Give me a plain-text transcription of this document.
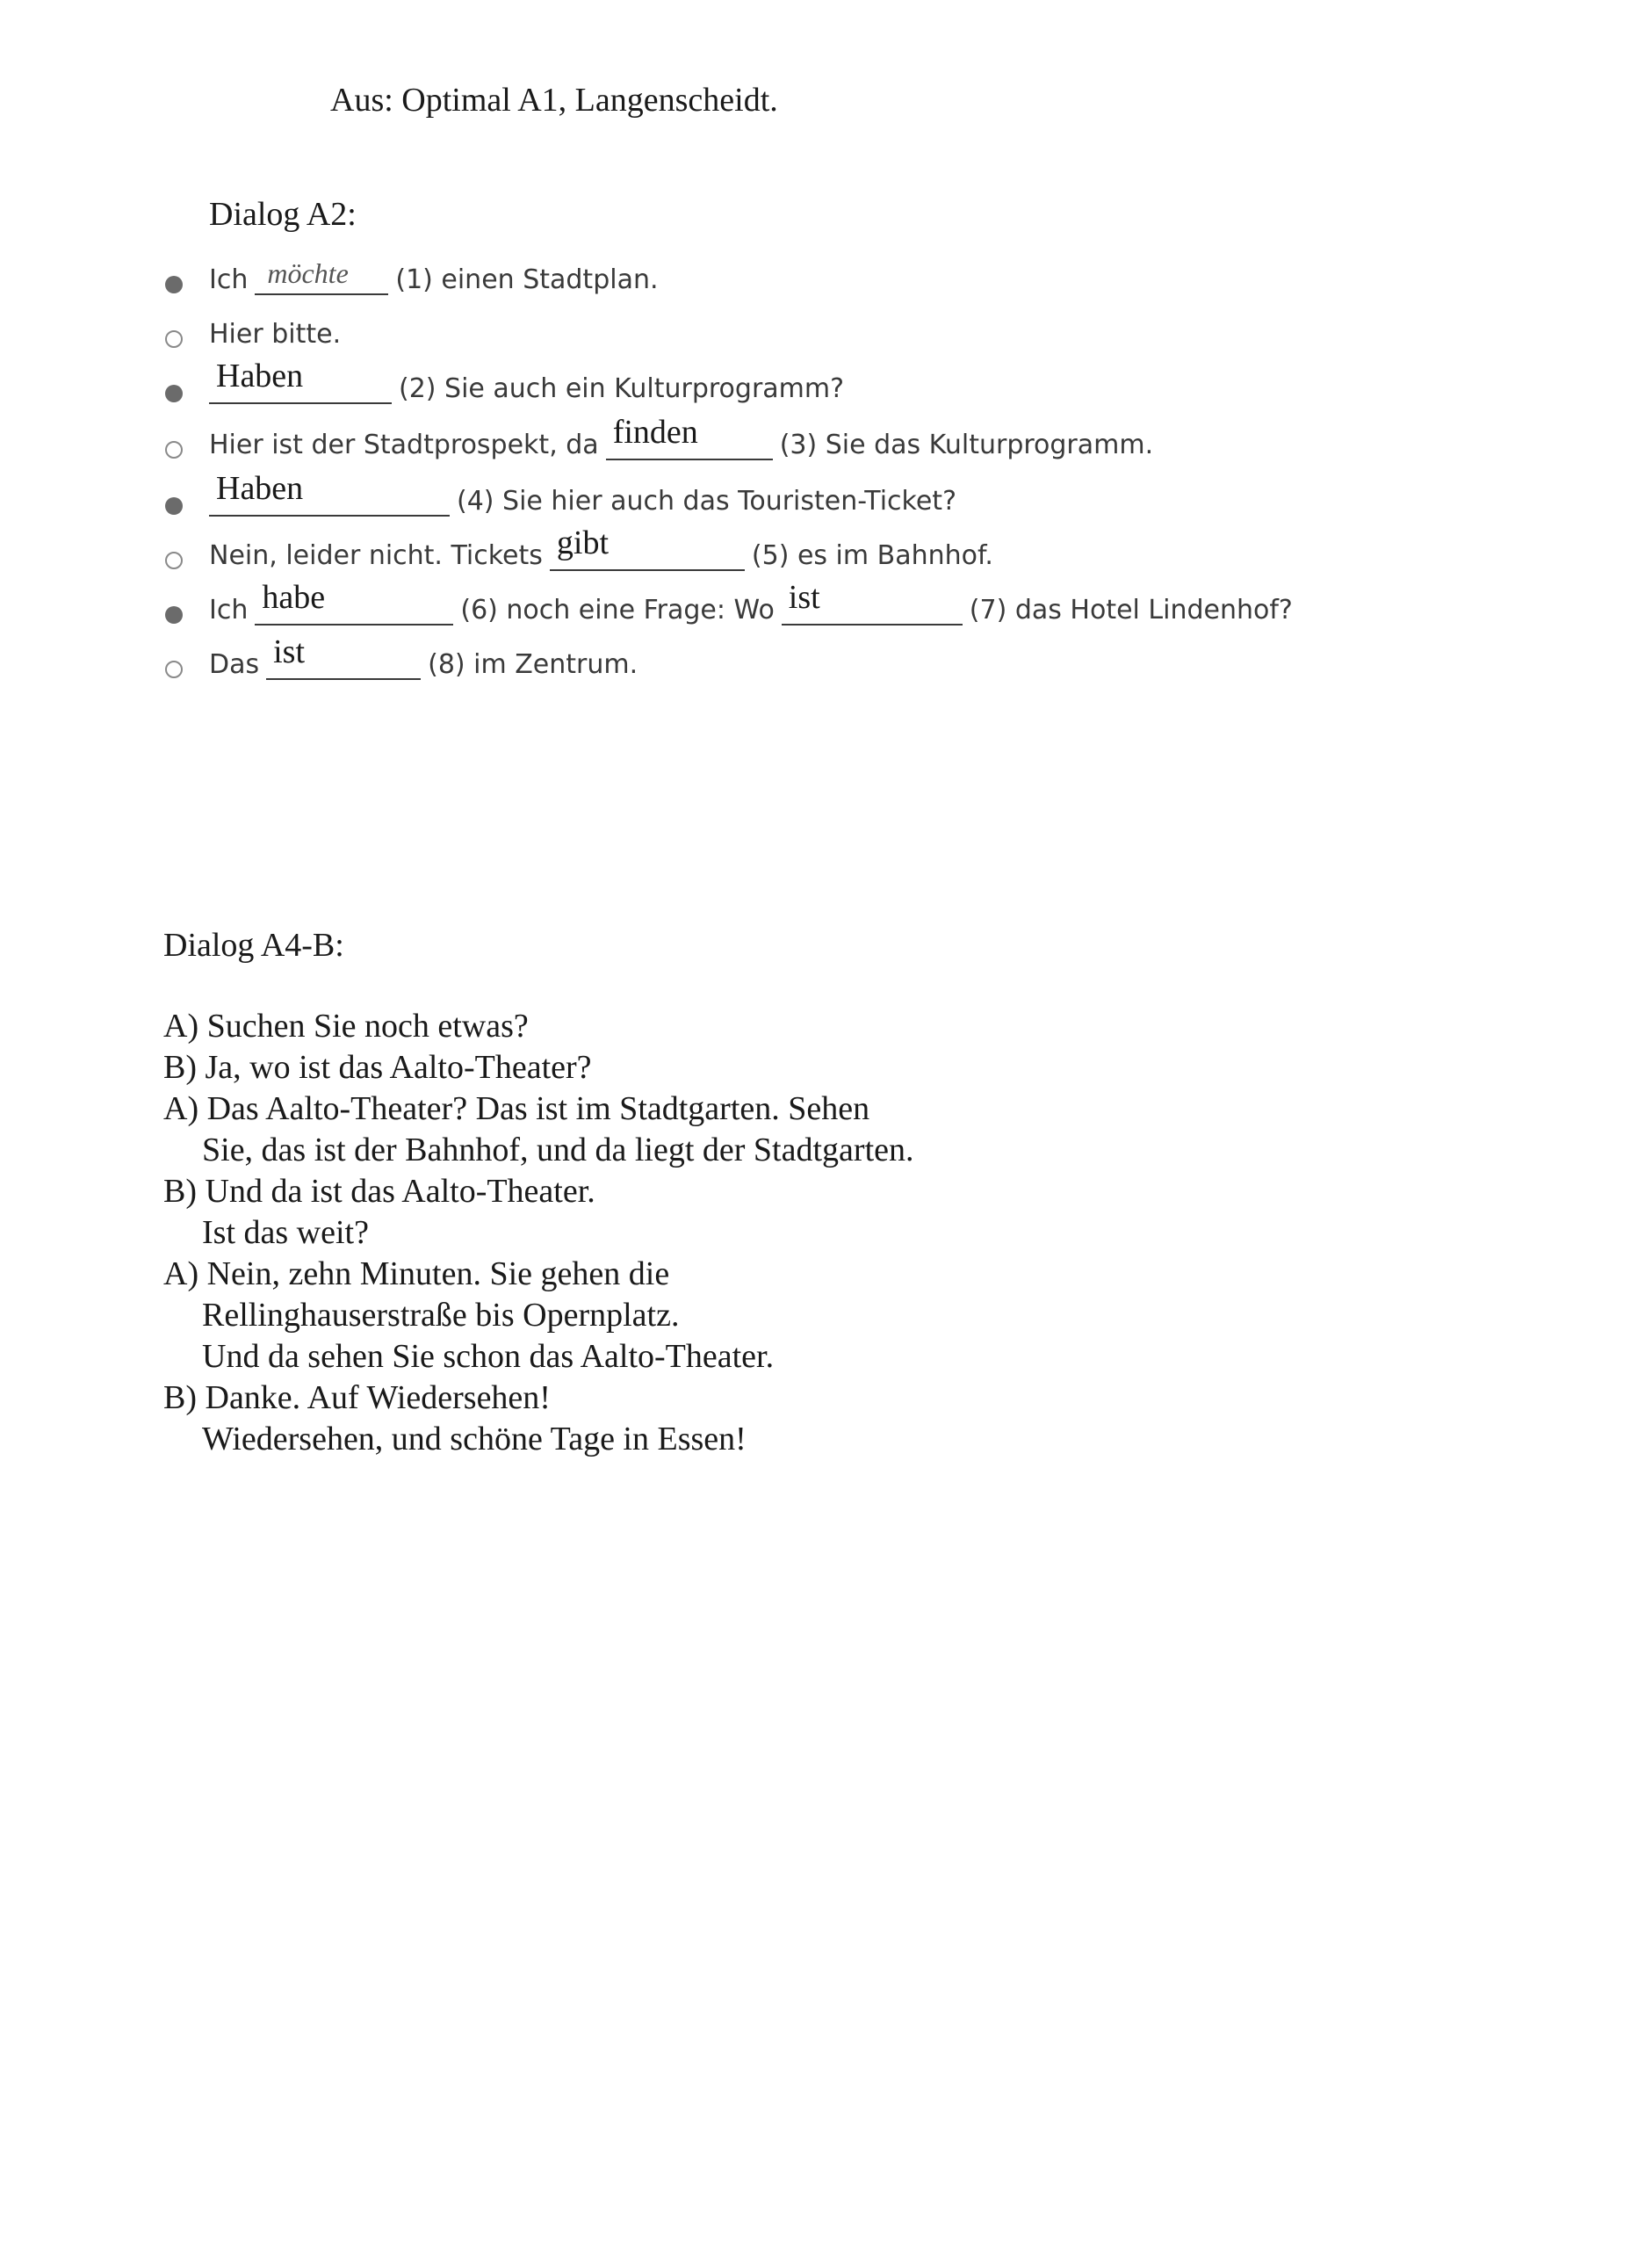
Aus: Optimal A1, Langenscheidt.
Dialog A2:
Ich möchte (1) einen Stadtplan.
Hier bitte.
Haben	(2) Sie auch ein Kulturprogramm?
Hier ist der Stadtprospekt, da finden	(3) Sie das Kulturprogramm.
Haben	(4) Sie hier auch das Touristen-Ticket?
Nein, leider nicht. Tickets gibt	(5) es im Bahnhof.
Ich habe	(6) noch eine Frage: Wo ist	(7) das Hotel Lindenhof?
Das ist	(8) im Zentrum.
Dialog A4-B:
A) Suchen Sie noch etwas?
B) Ja, wo ist das Aalto-Theater?
A) Das Aalto-Theater? Das ist im Stadtgarten. Sehen
Sie, das ist der Bahnhof, und da liegt der Stadtgarten.
B) Und da ist das Aalto-Theater.
Ist das weit?
A) Nein, zehn Minuten. Sie gehen die
Rellinghauserstraße bis Opernplatz.
Und da sehen Sie schon das Aalto-Theater.
B) Danke. Auf Wiedersehen!
Wiedersehen, und schöne Tage in Essen!
